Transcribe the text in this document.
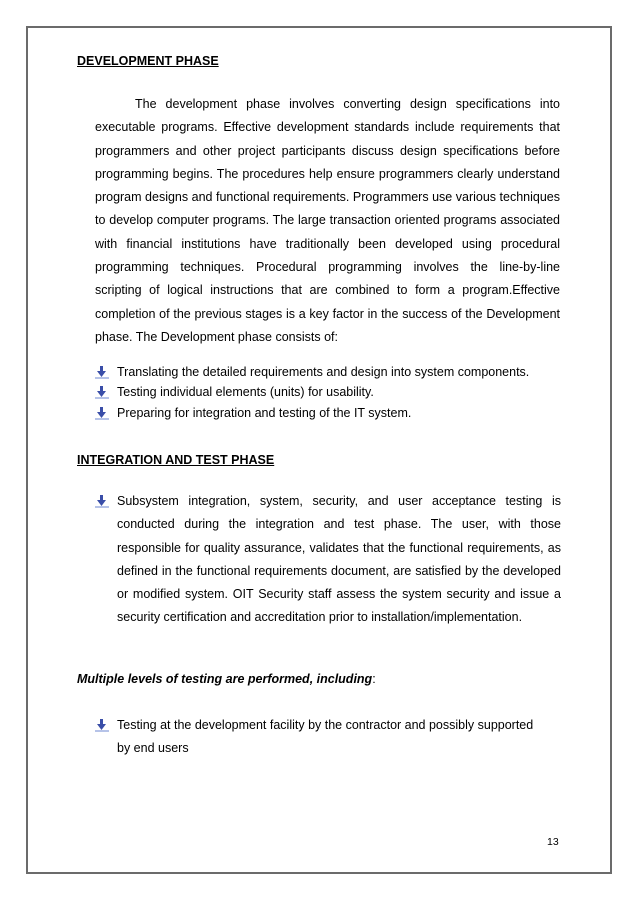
DEVELOPMENT PHASE

The development phase involves converting design specifications into executable programs. Effective development standards include requirements that programmers and other project participants discuss design specifications before programming begins. The procedures help ensure programmers clearly understand program designs and functional requirements. Programmers use various techniques to develop computer programs. The large transaction oriented programs associated with financial institutions have traditionally been developed using procedural programming techniques. Procedural programming involves the line-by-line scripting of logical instructions that are combined to form a program.Effective completion of the previous stages is a key factor in the success of the Development phase. The Development phase consists of:

Translating the detailed requirements and design into system components.
Testing individual elements (units) for usability.
Preparing for integration and testing of the IT system.
INTEGRATION AND TEST PHASE
Subsystem integration, system, security, and user acceptance testing is conducted during the integration and test phase. The user, with those responsible for quality assurance, validates that the functional requirements, as defined in the functional requirements document, are satisfied by the developed or modified system. OIT Security staff assess the system security and issue a security certification and accreditation prior to installation/implementation.
Multiple levels of testing are performed, including:
Testing at the development facility by the contractor and possibly supported by end users
13
